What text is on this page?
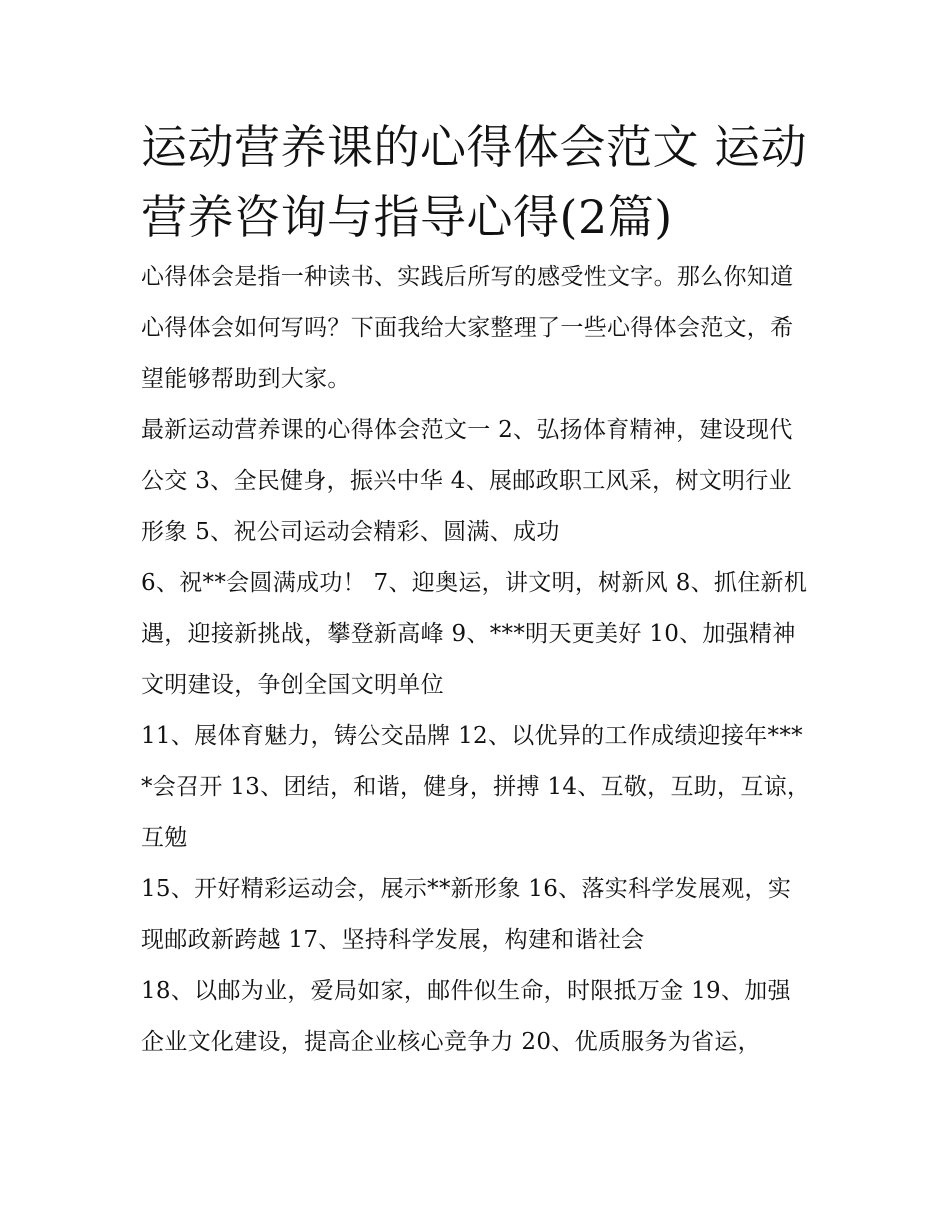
运动营养课的心得体会范文 运动营养咨询与指导心得(2篇)

心得体会是指一种读书、实践后所写的感受性文字。那么你知道心得体会如何写吗？下面我给大家整理了一些心得体会范文，希望能够帮助到大家。

最新运动营养课的心得体会范文一 2、弘扬体育精神，建设现代公交 3、全民健身，振兴中华 4、展邮政职工风采，树文明行业形象 5、祝公司运动会精彩、圆满、成功

6、祝**会圆满成功！ 7、迎奥运，讲文明，树新风 8、抓住新机遇，迎接新挑战，攀登新高峰 9、***明天更美好 10、加强精神文明建设，争创全国文明单位

11、展体育魅力，铸公交品牌 12、以优异的工作成绩迎接年****会召开 13、团结，和谐，健身，拼搏 14、互敬，互助，互谅，互勉

15、开好精彩运动会，展示**新形象 16、落实科学发展观，实现邮政新跨越 17、坚持科学发展，构建和谐社会

18、以邮为业，爱局如家，邮件似生命，时限抵万金 19、加强企业文化建设，提高企业核心竞争力 20、优质服务为省运，
